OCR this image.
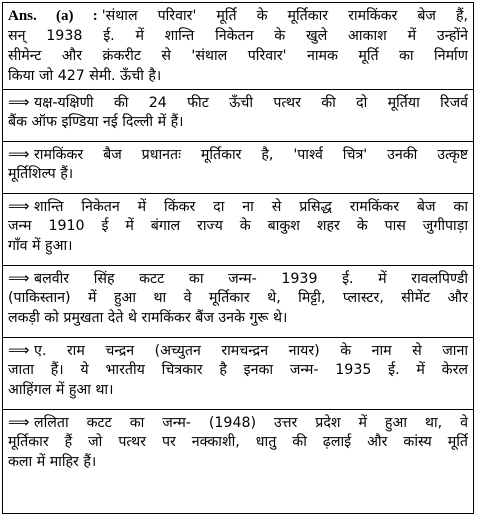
Ans. (a) : 'संथाल परिवार' मूर्ति के मूर्तिकार रामकिंकर बेज हैं,
सन् 1938 ई. में शान्ति निकेतन के खुले आकाश में उन्होंने
सीमेन्ट और क्रंकरीट से 'संथाल परिवार' नामक मूर्ति का निर्माण
किया जो 427 सेमी. ऊँची है।
⟹ यक्ष-यक्षिणी की 24 फीट ऊँची पत्थर की दो मूर्तिया रिजर्व
बैंक ऑफ इण्डिया नई दिल्ली में हैं।
⟹ रामकिंकर बैज प्रधानतः मूर्तिकार है, 'पार्श्व चित्र' उनकी उत्कृष्ट
मूर्तिशिल्प हैं।
⟹ शान्ति निकेतन में किंकर दा ना से प्रसिद्ध रामकिंकर बेज का
जन्म 1910 ई में बंगाल राज्य के बाकुश शहर के पास जुगीपाड़ा
गाँव में हुआ।
⟹ बलवीर सिंह कटट का जन्म- 1939 ई. में रावलपिण्डी
(पाकिस्तान) में हुआ था वे मूर्तिकार थे, मिट्टी, प्लास्टर, सीमेंट और
लकड़ी को प्रमुखता देते थे रामकिंकर बैंज उनके गुरू थे।
⟹ ए. राम चन्द्रन (अच्युतन रामचन्द्रन नायर) के नाम से जाना
जाता हैं। ये भारतीय चित्रकार है इनका जन्म- 1935 ई. में केरल
आहिंगल में हुआ था।
⟹ ललिता कटट का जन्म- (1948) उत्तर प्रदेश में हुआ था, वे
मूर्तिकार हैं जो पत्थर पर नक्काशी, धातु की ढ़लाई और कांस्य मूर्ति
कला में माहिर हैं।
